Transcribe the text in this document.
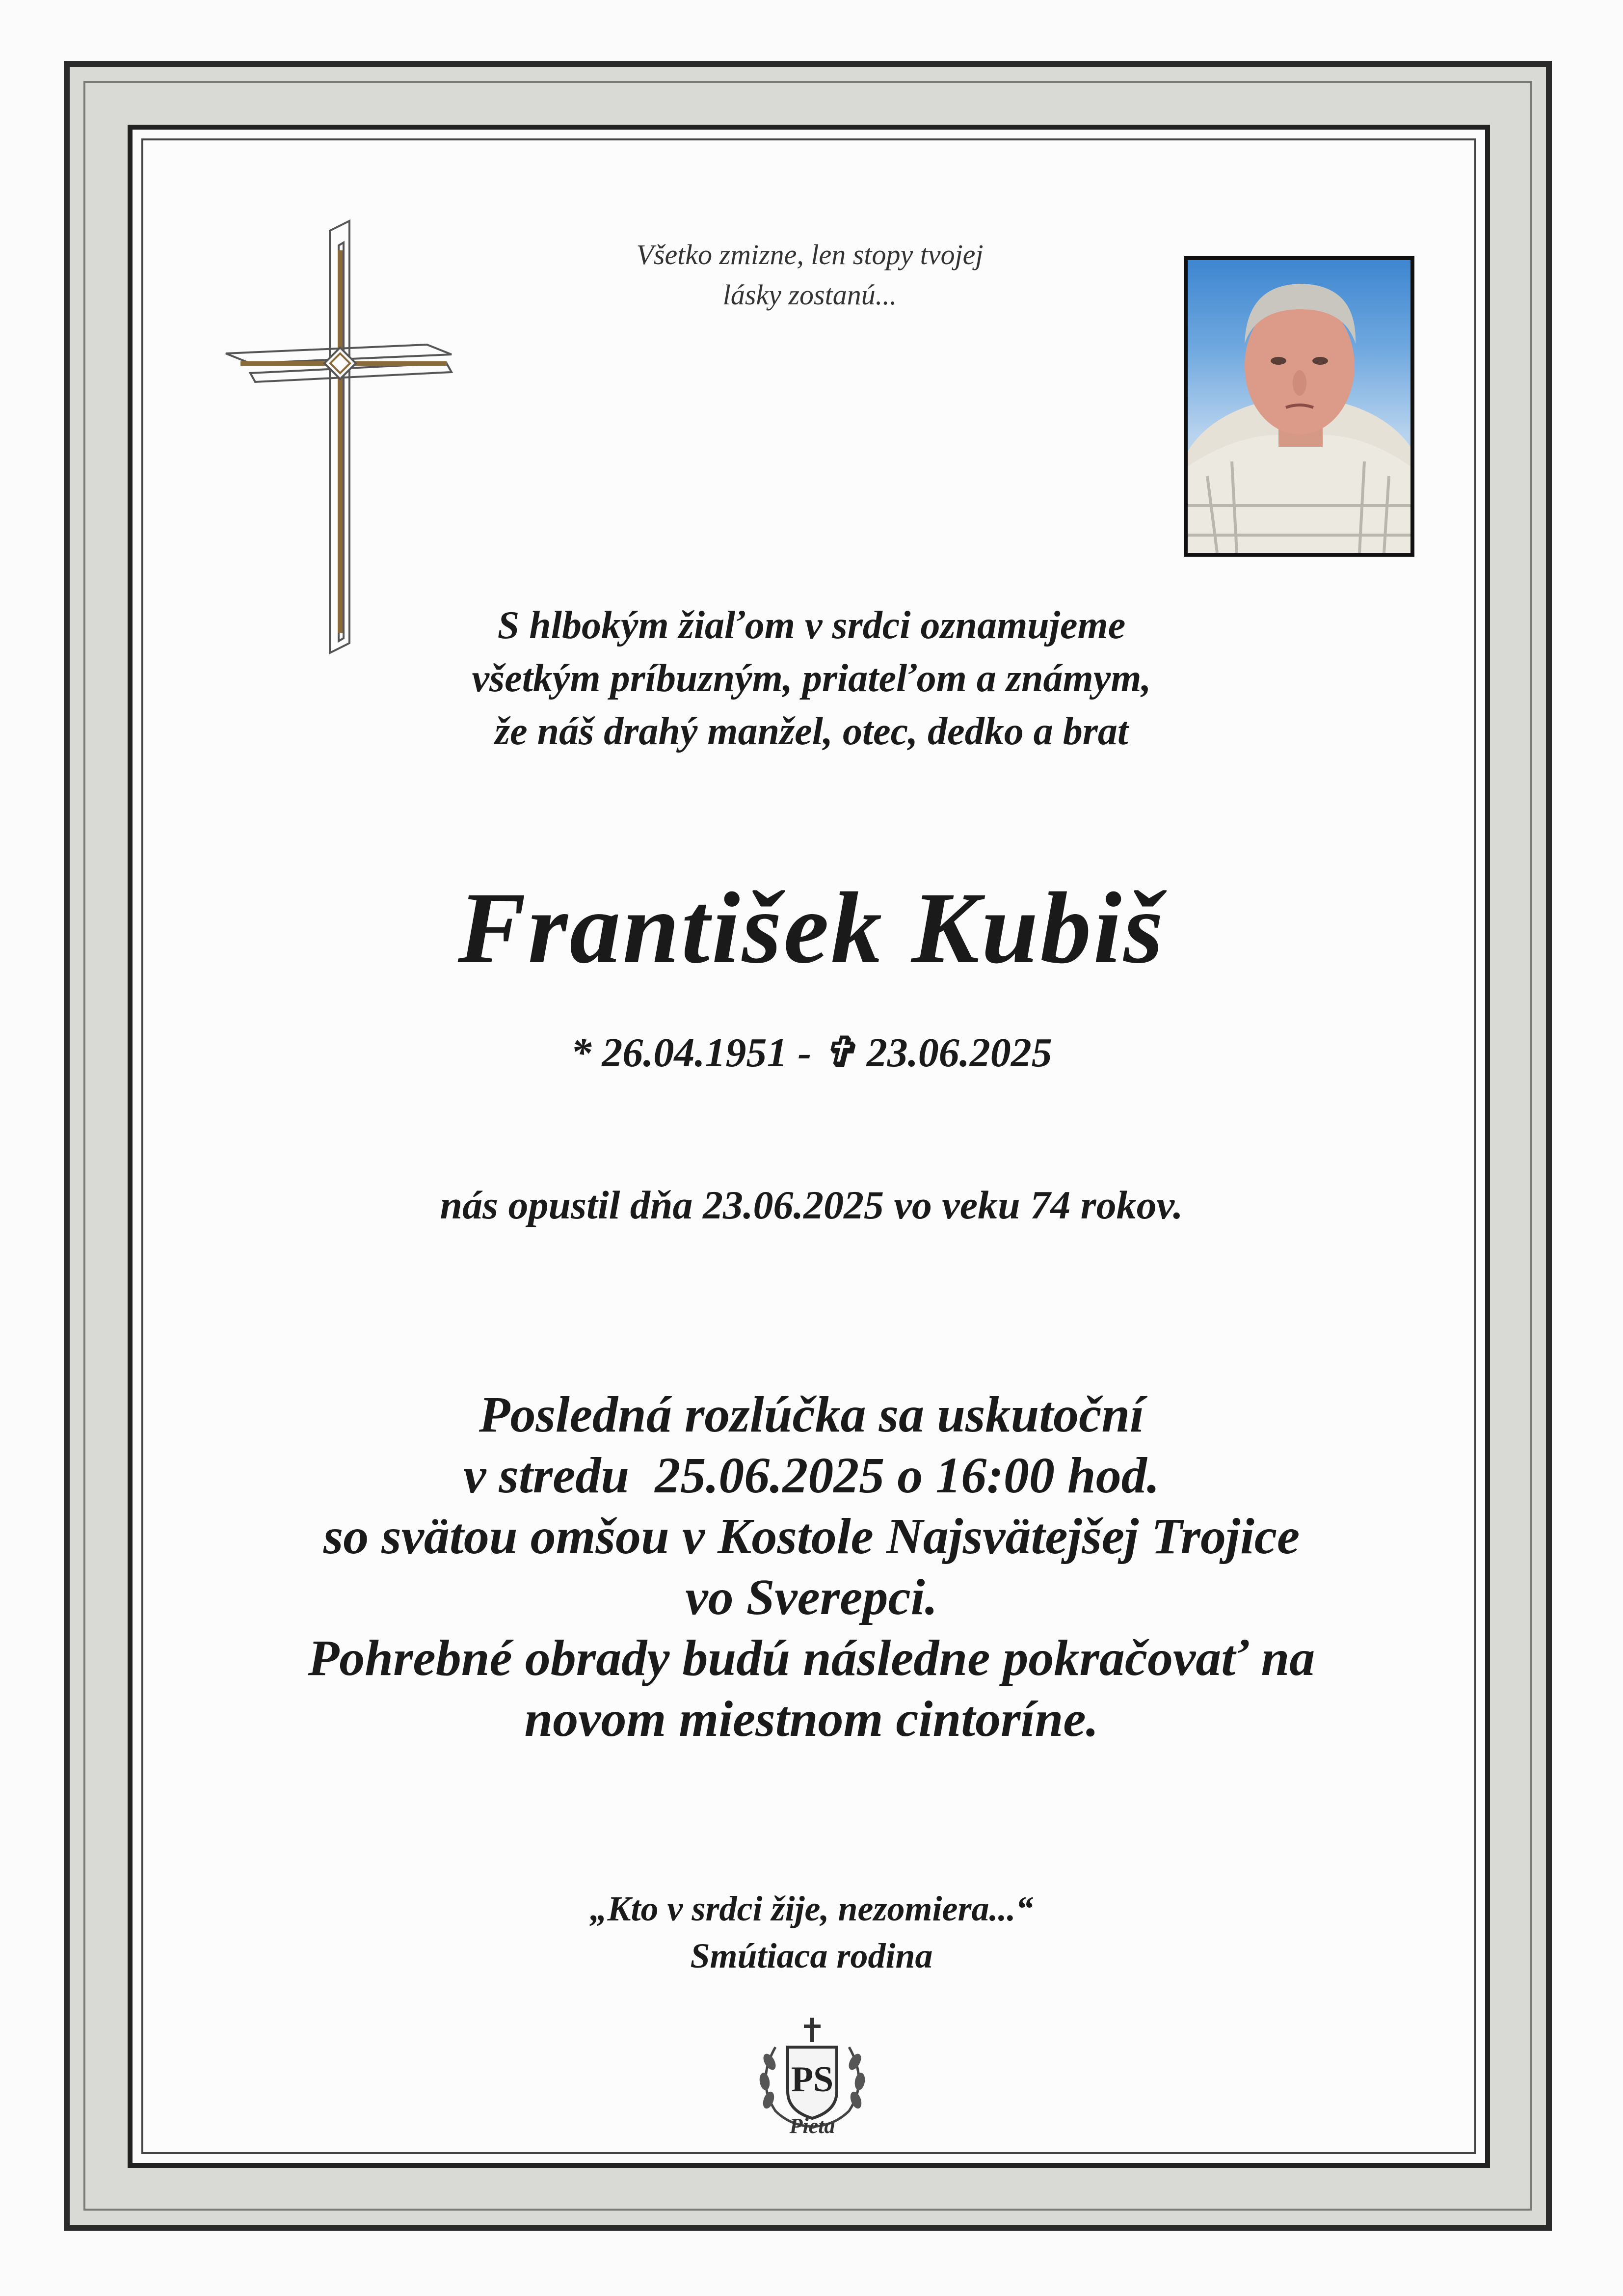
Všetko zmizne, len stopy tvojej
lásky zostanú...
S hlbokým žiaľom v srdci oznamujeme
všetkým príbuzným, priateľom a známym,
že náš drahý manžel, otec, dedko a brat
František Kubiš
* 26.04.1951 - ✞ 23.06.2025
nás opustil dňa 23.06.2025 vo veku 74 rokov.
Posledná rozlúčka sa uskutoční
v stredu  25.06.2025 o 16:00 hod.
so svätou omšou v Kostole Najsvätejšej Trojice
vo Sverepci.
Pohrebné obrady budú následne pokračovať na
novom miestnom cintoríne.
„Kto v srdci žije, nezomiera...“
Smútiaca rodina
PS
Pieta
